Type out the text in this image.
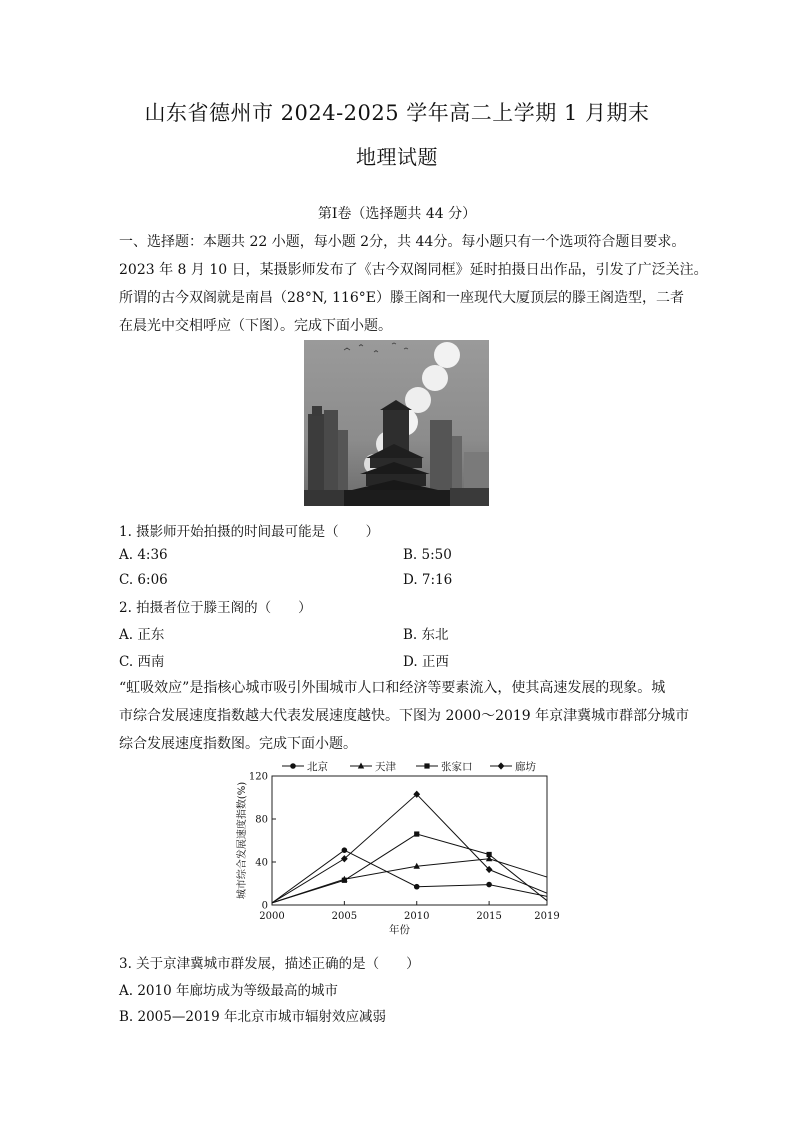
山东省德州市 2024-2025 学年高二上学期 1 月期末
地理试题
第Ⅰ卷（选择题共 44 分）
一、选择题：本题共 22 小题，每小题 2分，共 44分。每小题只有一个选项符合题目要求。
2023 年 8 月 10 日，某摄影师发布了《古今双阁同框》延时拍摄日出作品，引发了广泛关注。
所谓的古今双阁就是南昌（28°N, 116°E）滕王阁和一座现代大厦顶层的滕王阁造型，二者
在晨光中交相呼应（下图）。完成下面小题。
1. 摄影师开始拍摄的时间最可能是（　　）
A. 4:36	B. 5:50
C. 6:06	D. 7:16
2. 拍摄者位于滕王阁的（　　）
A. 正东	B. 东北
C. 西南	D. 正西
“虹吸效应”是指核心城市吸引外围城市人口和经济等要素流入，使其高速发展的现象。城
市综合发展速度指数越大代表发展速度越快。下图为 2000～2019 年京津冀城市群部分城市
综合发展速度指数图。完成下面小题。
0
40
80
120
2000	2005	2010	2015	2019
年份
城市综合发展速度指数(%)
北京	天津	张家口	廊坊
3. 关于京津冀城市群发展，描述正确的是（　　）
A. 2010 年廊坊成为等级最高的城市
B. 2005—2019 年北京市城市辐射效应减弱
